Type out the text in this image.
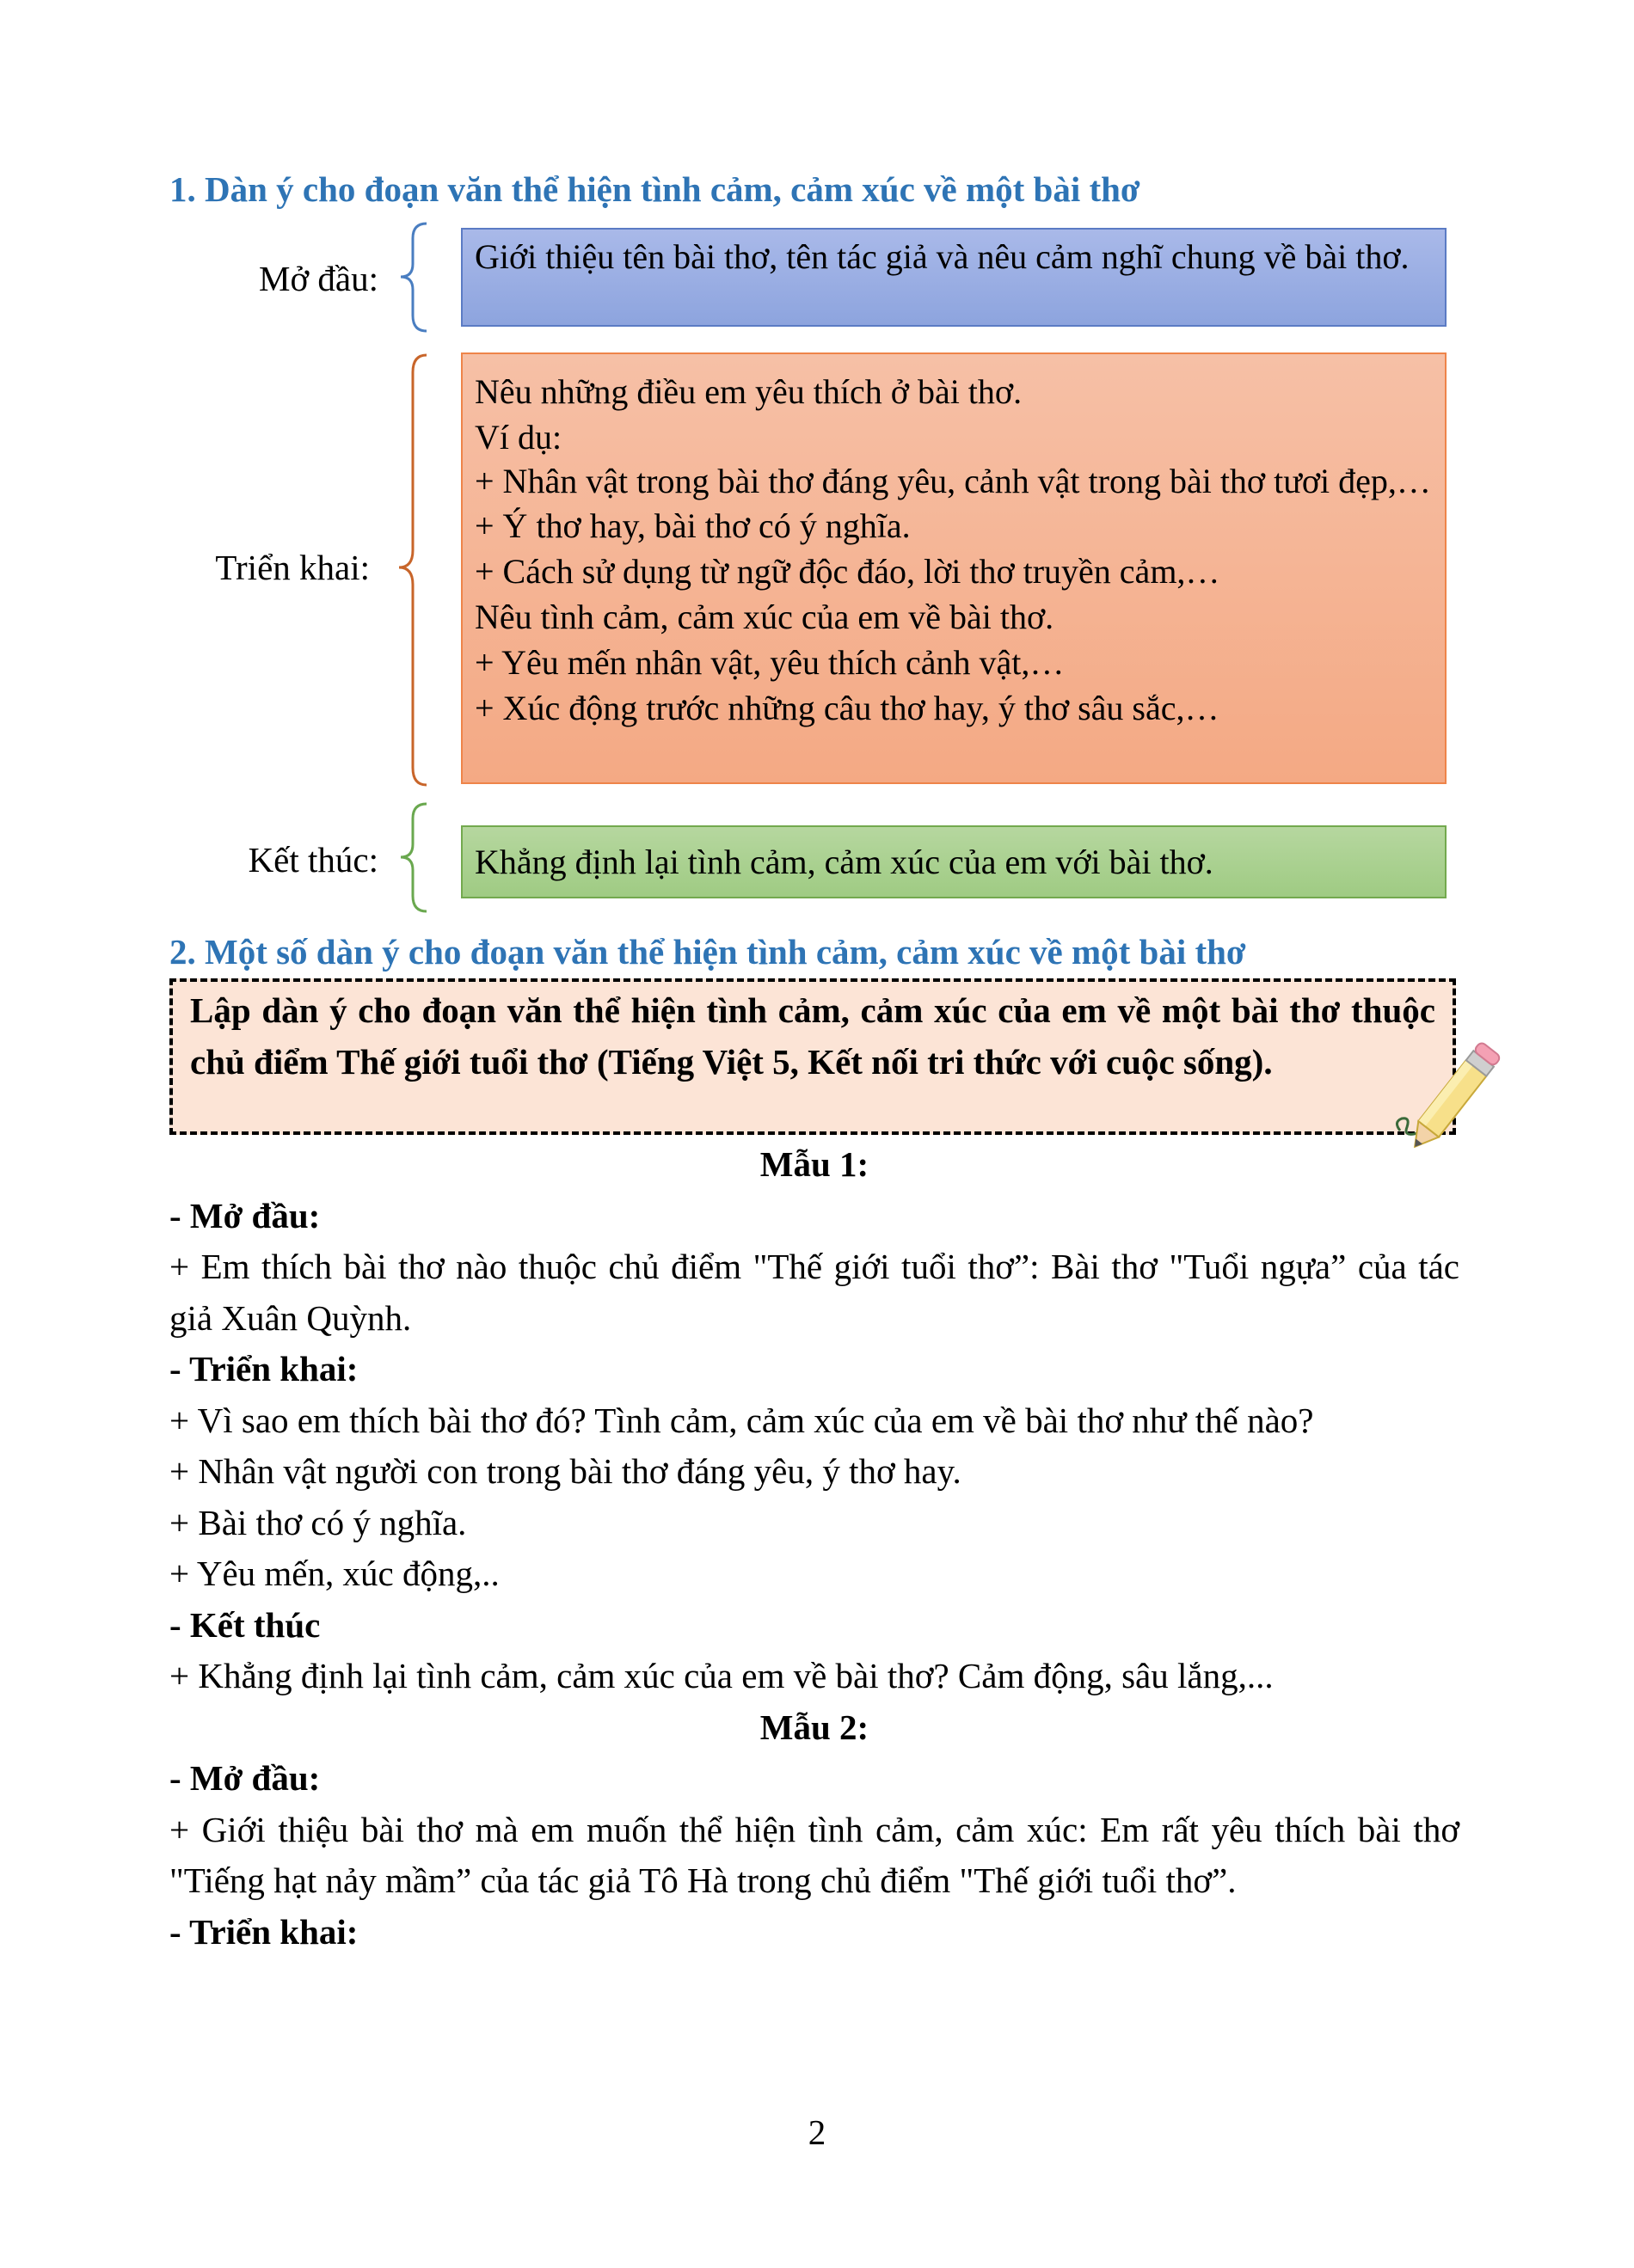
1. Dàn ý cho đoạn văn thể hiện tình cảm, cảm xúc về một bài thơ
Mở đầu:

Giới thiệu tên bài thơ, tên tác giả và nêu cảm nghĩ chung về bài thơ.

Triển khai:

Nêu những điều em yêu thích ở bài thơ.

Ví dụ:

+ Nhân vật trong bài thơ đáng yêu, cảnh vật trong bài thơ tươi đẹp,…

+ Ý thơ hay, bài thơ có ý nghĩa.

+ Cách sử dụng từ ngữ độc đáo, lời thơ truyền cảm,…

Nêu tình cảm, cảm xúc của em về bài thơ.

+ Yêu mến nhân vật, yêu thích cảnh vật,…

+ Xúc động trước những câu thơ hay, ý thơ sâu sắc,…

Kết thúc:	Khẳng định lại tình cảm, cảm xúc của em với bài thơ.

2. Một số dàn ý cho đoạn văn thể hiện tình cảm, cảm xúc về một bài thơ

Lập dàn ý cho đoạn văn thể hiện tình cảm, cảm xúc của em về một bài thơ thuộc chủ điểm Thế giới tuổi thơ (Tiếng Việt 5, Kết nối tri thức với cuộc sống).

Mẫu 1:

- Mở đầu:

+ Em thích bài thơ nào thuộc chủ điểm "Thế giới tuổi thơ”: Bài thơ "Tuổi ngựa” của tác giả Xuân Quỳnh.

- Triển khai:

+ Vì sao em thích bài thơ đó? Tình cảm, cảm xúc của em về bài thơ như thế nào?

+ Nhân vật người con trong bài thơ đáng yêu, ý thơ hay.

+ Bài thơ có ý nghĩa.

+ Yêu mến, xúc động,..

- Kết thúc

+ Khẳng định lại tình cảm, cảm xúc của em về bài thơ? Cảm động, sâu lắng,...

Mẫu 2:

- Mở đầu:

+ Giới thiệu bài thơ mà em muốn thể hiện tình cảm, cảm xúc: Em rất yêu thích bài thơ "Tiếng hạt nảy mầm” của tác giả Tô Hà trong chủ điểm "Thế giới tuổi thơ”.

- Triển khai:

2
